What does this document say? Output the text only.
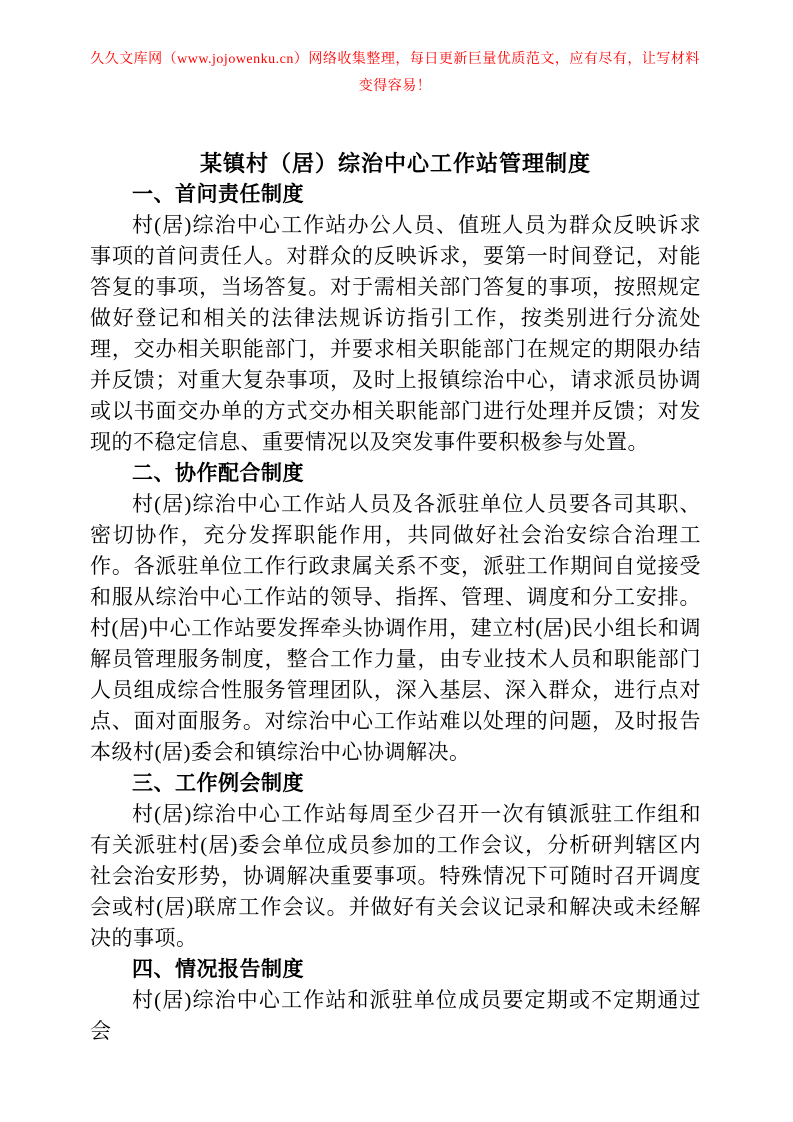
久久文库网（www.jojowenku.cn）网络收集整理，每日更新巨量优质范文，应有尽有，让写材料变得容易！
某镇村（居）综治中心工作站管理制度
一、首问责任制度

村(居)综治中心工作站办公人员、值班人员为群众反映诉求事项的首问责任人。对群众的反映诉求，要第一时间登记，对能答复的事项，当场答复。对于需相关部门答复的事项，按照规定做好登记和相关的法律法规诉访指引工作，按类别进行分流处理，交办相关职能部门，并要求相关职能部门在规定的期限办结并反馈；对重大复杂事项，及时上报镇综治中心，请求派员协调或以书面交办单的方式交办相关职能部门进行处理并反馈；对发现的不稳定信息、重要情况以及突发事件要积极参与处置。

二、协作配合制度

村(居)综治中心工作站人员及各派驻单位人员要各司其职、密切协作，充分发挥职能作用，共同做好社会治安综合治理工作。各派驻单位工作行政隶属关系不变，派驻工作期间自觉接受和服从综治中心工作站的领导、指挥、管理、调度和分工安排。村(居)中心工作站要发挥牵头协调作用，建立村(居)民小组长和调解员管理服务制度，整合工作力量，由专业技术人员和职能部门人员组成综合性服务管理团队，深入基层、深入群众，进行点对点、面对面服务。对综治中心工作站难以处理的问题，及时报告本级村(居)委会和镇综治中心协调解决。

三、工作例会制度

村(居)综治中心工作站每周至少召开一次有镇派驻工作组和有关派驻村(居)委会单位成员参加的工作会议，分析研判辖区内社会治安形势，协调解决重要事项。特殊情况下可随时召开调度会或村(居)联席工作会议。并做好有关会议记录和解决或未经解决的事项。

四、情况报告制度

村(居)综治中心工作站和派驻单位成员要定期或不定期通过会
